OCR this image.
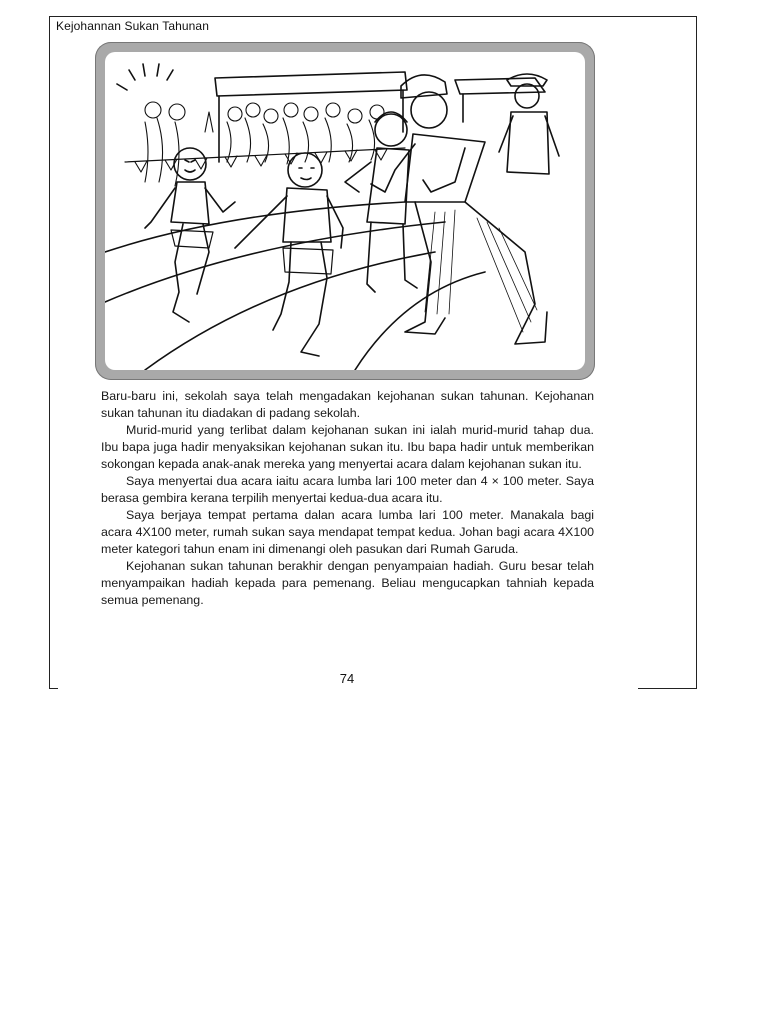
Kejohannan Sukan Tahunan

Baru-baru ini, sekolah saya telah mengadakan kejohanan sukan tahunan. Kejohanan sukan tahunan itu diadakan di padang sekolah.

Murid-murid yang terlibat dalam kejohanan sukan ini ialah murid-murid tahap dua. Ibu bapa juga hadir menyaksikan kejohanan sukan itu. Ibu bapa hadir untuk memberikan sokongan kepada anak-anak mereka yang menyertai acara dalam kejohanan sukan itu.

Saya menyertai dua acara iaitu acara lumba lari 100 meter dan 4 × 100 meter. Saya berasa gembira kerana terpilih menyertai kedua-dua acara itu.

Saya berjaya tempat pertama dalan acara lumba lari 100 meter. Manakala bagi acara 4X100 meter, rumah sukan saya mendapat tempat kedua. Johan bagi acara 4X100 meter kategori tahun enam ini dimenangi oleh pasukan dari Rumah Garuda.

Kejohanan sukan tahunan berakhir dengan penyampaian hadiah. Guru besar telah menyampaikan hadiah kepada para pemenang. Beliau mengucapkan tahniah kepada semua pemenang.

74
